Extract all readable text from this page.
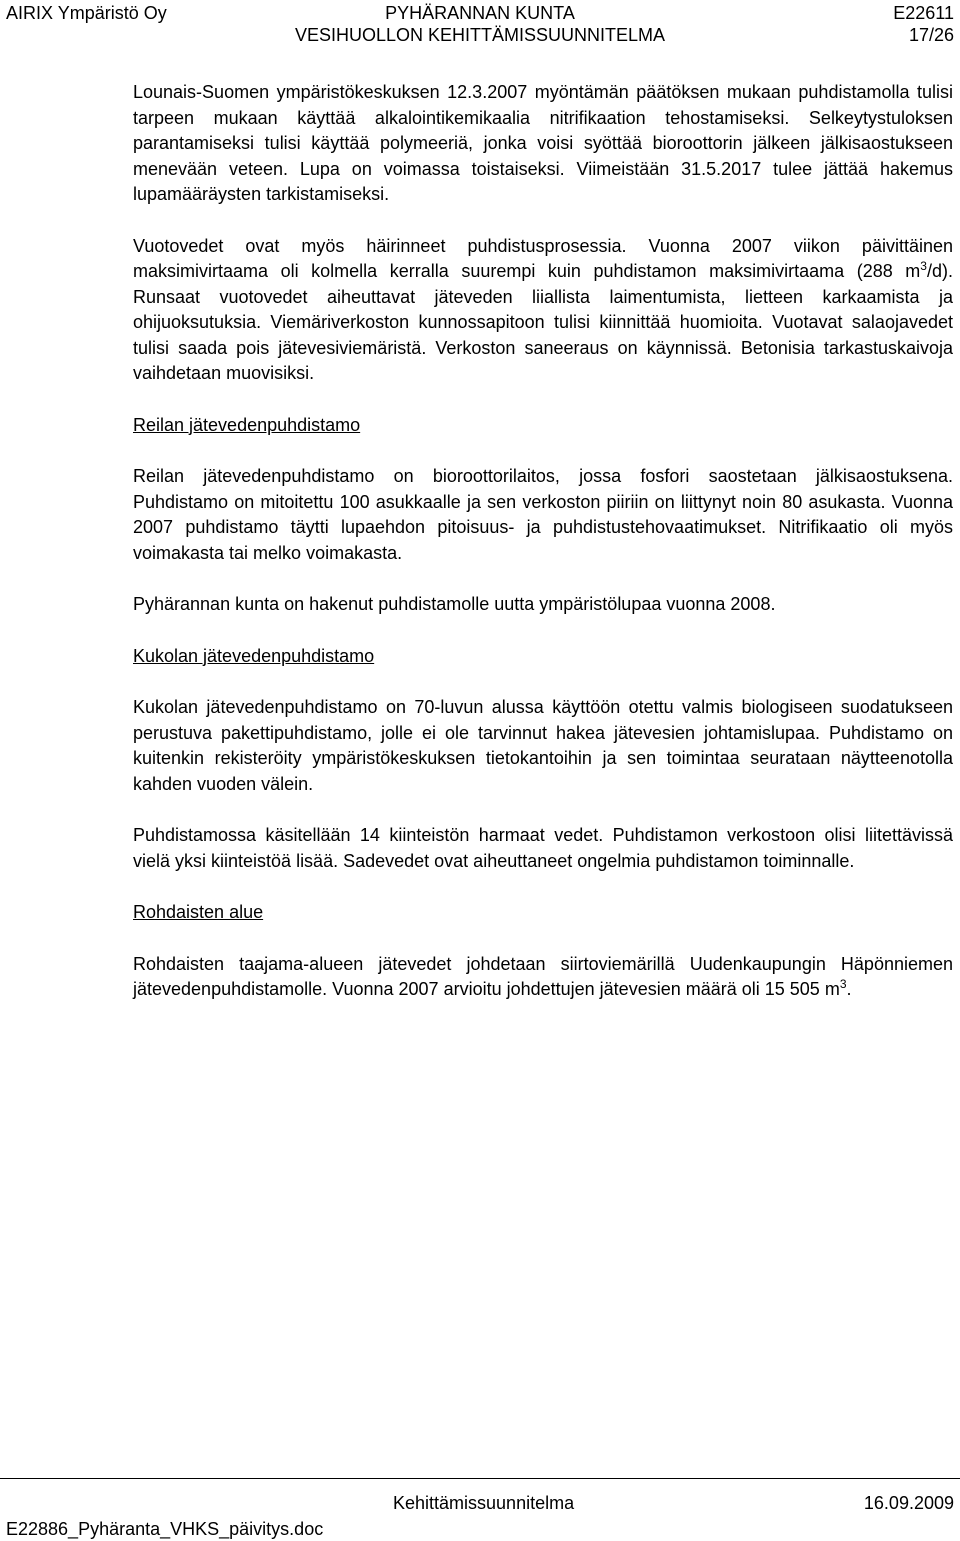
AIRIX Ympäristö Oy	PYHÄRANNAN KUNTA
VESIHUOLLON KEHITTÄMISSUUNNITELMA
E22611
17/26

Lounais-Suomen ympäristökeskuksen 12.3.2007 myöntämän päätöksen mukaan puhdistamolla tulisi tarpeen mukaan käyttää alkalointikemikaalia nitrifikaation tehostamiseksi. Selkeytystuloksen parantamiseksi tulisi käyttää polymeeriä, jonka voisi syöttää bioroottorin jälkeen jälkisaostukseen menevään veteen. Lupa on voimassa toistaiseksi. Viimeistään 31.5.2017 tulee jättää hakemus lupamääräysten tarkistamiseksi.

Vuotovedet ovat myös häirinneet puhdistusprosessia. Vuonna 2007 viikon päivittäinen maksimivirtaama oli kolmella kerralla suurempi kuin puhdistamon maksimivirtaama (288 $m^3/d$). Runsaat vuotovedet aiheuttavat jäteveden liiallista laimentumista, lietteen karkaamista ja ohijuoksutuksia. Viemäriverkoston kunnossapitoon tulisi kiinnittää huomioita. Vuotavat salaojavedet tulisi saada pois jätevesiviemäristä. Verkoston saneeraus on käynnissä. Betonisia tarkastuskaivoja vaihdetaan muovisiksi.

Reilan jätevedenpuhdistamo

Reilan jätevedenpuhdistamo on bioroottorilaitos, jossa fosfori saostetaan jälkisaostuksena. Puhdistamo on mitoitettu 100 asukkaalle ja sen verkoston piiriin on liittynyt noin 80 asukasta. Vuonna 2007 puhdistamo täytti lupaehdon pitoisuus- ja puhdistustehovaatimukset. Nitrifikaatio oli myös voimakasta tai melko voimakasta.

Pyhärannan kunta on hakenut puhdistamolle uutta ympäristölupaa vuonna 2008.

Kukolan jätevedenpuhdistamo

Kukolan jätevedenpuhdistamo on 70-luvun alussa käyttöön otettu valmis biologiseen suodatukseen perustuva pakettipuhdistamo, jolle ei ole tarvinnut hakea jätevesien johtamislupaa. Puhdistamo on kuitenkin rekisteröity ympäristökeskuksen tietokantoihin ja sen toimintaa seurataan näytteenotolla kahden vuoden välein.

Puhdistamossa käsitellään 14 kiinteistön harmaat vedet. Puhdistamon verkostoon olisi liitettävissä vielä yksi kiinteistöä lisää. Sadevedet ovat aiheuttaneet ongelmia puhdistamon toiminnalle.

Rohdaisten alue

Rohdaisten taajama-alueen jätevedet johdetaan siirtoviemärillä Uudenkaupungin Häpönniemen jätevedenpuhdistamolle. Vuonna 2007 arvioitu johdettujen jätevesien määrä oli 15 505 $m^3$.

E22886_Pyhäranta_VHKS_päivitys.doc
Kehittämissuunnitelma	16.09.2009
